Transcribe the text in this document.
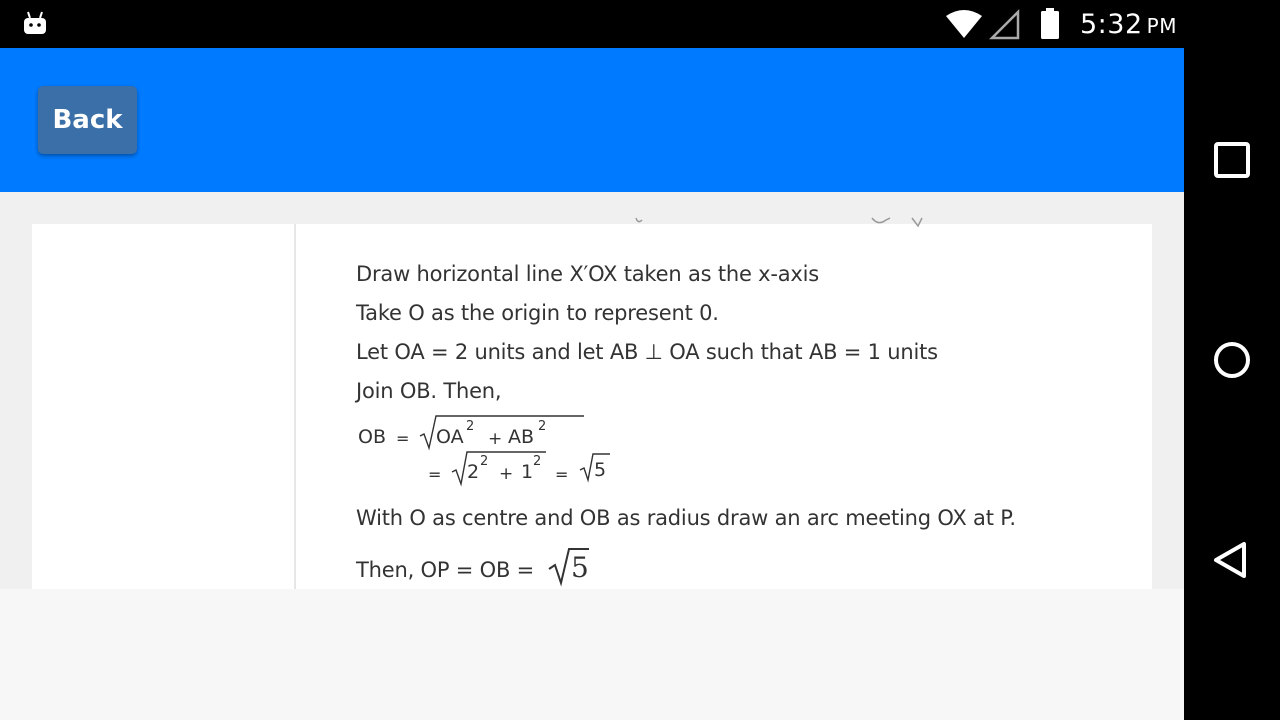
5:32 PM
Back
Draw horizontal line X′OX taken as the x-axis
Take O as the origin to represent 0.
Let OA = 2 units and let AB ⊥ OA such that AB = 1 units
Join OB. Then,
OB = OA 2
+ AB 2
= 2 2
+ 1 2
= 5
With O as centre and OB as radius draw an arc meeting OX at P.
Then, OP = OB = 5
